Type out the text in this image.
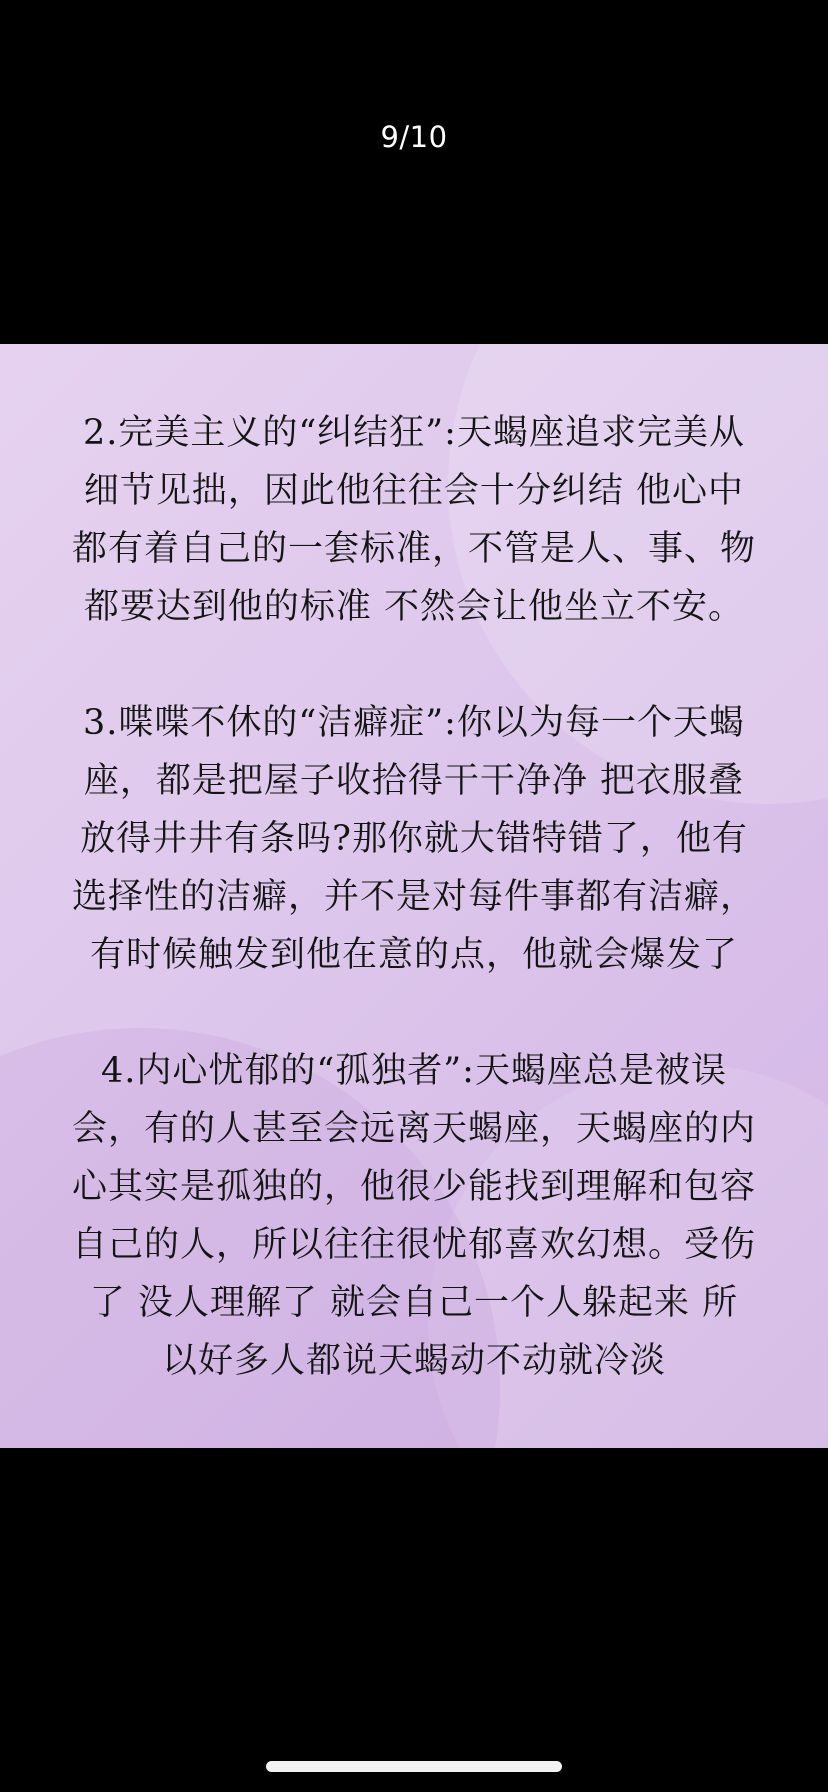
9/10

2.完美主义的“纠结狂”:天蝎座追求完美从
细节见拙，因此他往往会十分纠结 他心中
都有着自己的一套标准，不管是人、事、物
都要达到他的标准 不然会让他坐立不安。

3.喋喋不休的“洁癖症”:你以为每一个天蝎
座，都是把屋子收拾得干干净净 把衣服叠
放得井井有条吗?那你就大错特错了，他有
选择性的洁癖，并不是对每件事都有洁癖，
有时候触发到他在意的点，他就会爆发了

4.内心忧郁的“孤独者”:天蝎座总是被误
会，有的人甚至会远离天蝎座，天蝎座的内
心其实是孤独的，他很少能找到理解和包容
自己的人，所以往往很忧郁喜欢幻想。受伤
了 没人理解了 就会自己一个人躲起来 所
以好多人都说天蝎动不动就冷淡
